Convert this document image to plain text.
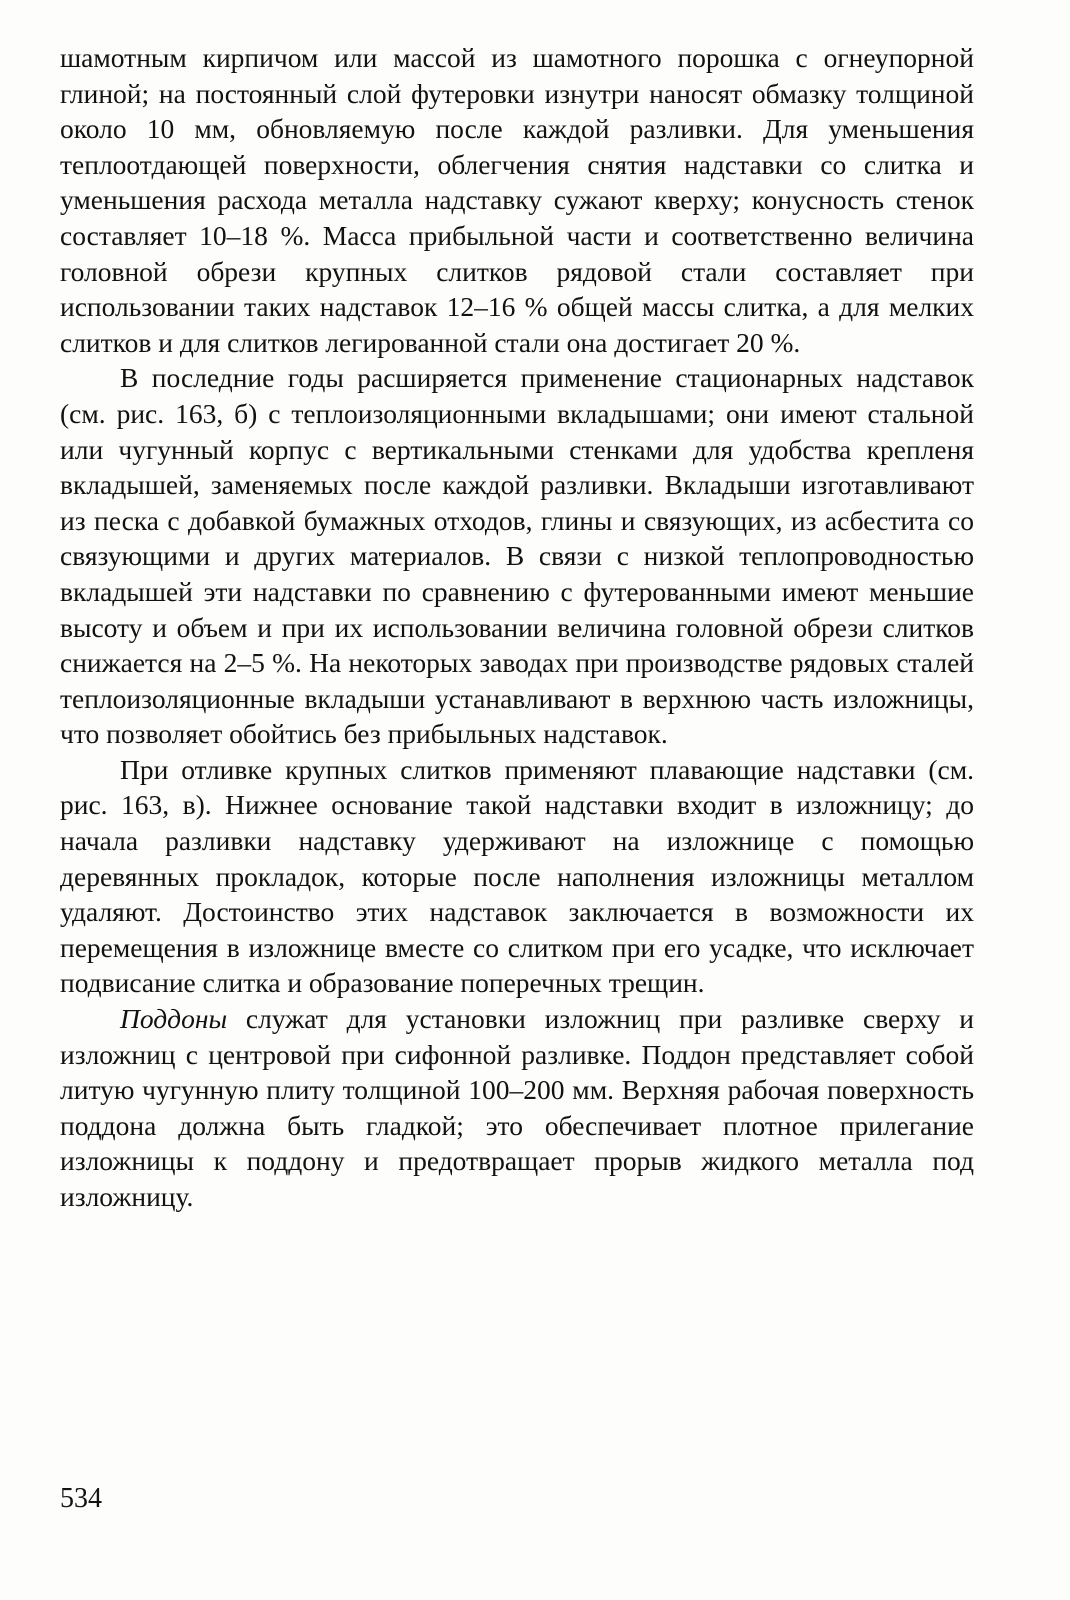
шамотным кирпичом или массой из шамотного порошка с огнеупорной глиной; на постоянный слой футеровки изнутри наносят обмазку толщиной около 10 мм, обновляемую после каждой разливки. Для уменьшения теплоотдающей поверхности, облегчения снятия надставки со слитка и уменьшения расхода металла надставку сужают кверху; конусность стенок составляет 10–18 %. Масса прибыльной части и соответственно величина головной обрези крупных слитков рядовой стали составляет при использовании таких надставок 12–16 % общей массы слитка, а для мелких слитков и для слитков легированной стали она достигает 20 %.

В последние годы расширяется применение стационарных надставок (см. рис. 163, б) с теплоизоляционными вкладышами; они имеют стальной или чугунный корпус с вертикальными стенками для удобства крепленя вкладышей, заменяемых после каждой разливки. Вкладыши изготавливают из песка с добавкой бумажных отходов, глины и связующих, из асбестита со связующими и других материалов. В связи с низкой теплопроводностью вкладышей эти надставки по сравнению с футерованными имеют меньшие высоту и объем и при их использовании величина головной обрези слитков снижается на 2–5 %. На некоторых заводах при производстве рядовых сталей теплоизоляционные вкладыши устанавливают в верхнюю часть изложницы, что позволяет обойтись без прибыльных надставок.

При отливке крупных слитков применяют плавающие надставки (см. рис. 163, в). Нижнее основание такой надставки входит в изложницу; до начала разливки надставку удерживают на изложнице с помощью деревянных прокладок, которые после наполнения изложницы металлом удаляют. Достоинство этих надставок заключается в возможности их перемещения в изложнице вместе со слитком при его усадке, что исключает подвисание слитка и образование поперечных трещин.

Поддоны служат для установки изложниц при разливке сверху и изложниц с центровой при сифонной разливке. Поддон представляет собой литую чугунную плиту толщиной 100–200 мм. Верхняя рабочая поверхность поддона должна быть гладкой; это обеспечивает плотное прилегание изложницы к поддону и предотвращает прорыв жидкого металла под изложницу.

534
